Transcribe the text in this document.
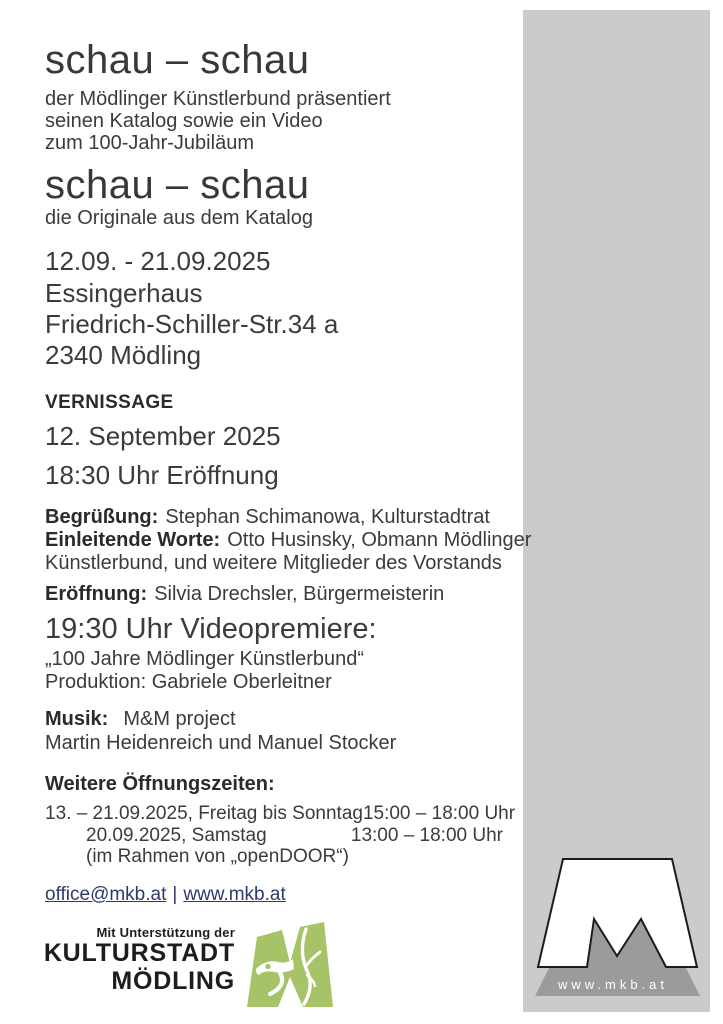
schau – schau
der Mödlinger Künstlerbund präsentiert
seinen Katalog sowie ein Video
zum 100-Jahr-Jubiläum
schau – schau
die Originale aus dem Katalog
12.09. - 21.09.2025
Essingerhaus
Friedrich-Schiller-Str.34 a
2340 Mödling
VERNISSAGE
12. September 2025
18:30 Uhr Eröffnung
Begrüßung: Stephan Schimanowa, Kulturstadtrat
Einleitende Worte: Otto Husinsky, Obmann Mödlinger
Künstlerbund, und weitere Mitglieder des Vorstands
Eröffnung: Silvia Drechsler, Bürgermeisterin
19:30 Uhr Videopremiere:
„100 Jahre Mödlinger Künstlerbund“
Produktion: Gabriele Oberleitner
Musik: M&M project
Martin Heidenreich und Manuel Stocker
Weitere Öffnungszeiten:
13. – 21.09.2025, Freitag bis Sonntag 15:00 – 18:00 Uhr
20.09.2025, Samstag	13:00 – 18:00 Uhr
(im Rahmen von „openDOOR“)
office@mkb.at | www.mkb.at
Mit Unterstützung der
KULTURSTADT
MÖDLING	www.mkb.at
